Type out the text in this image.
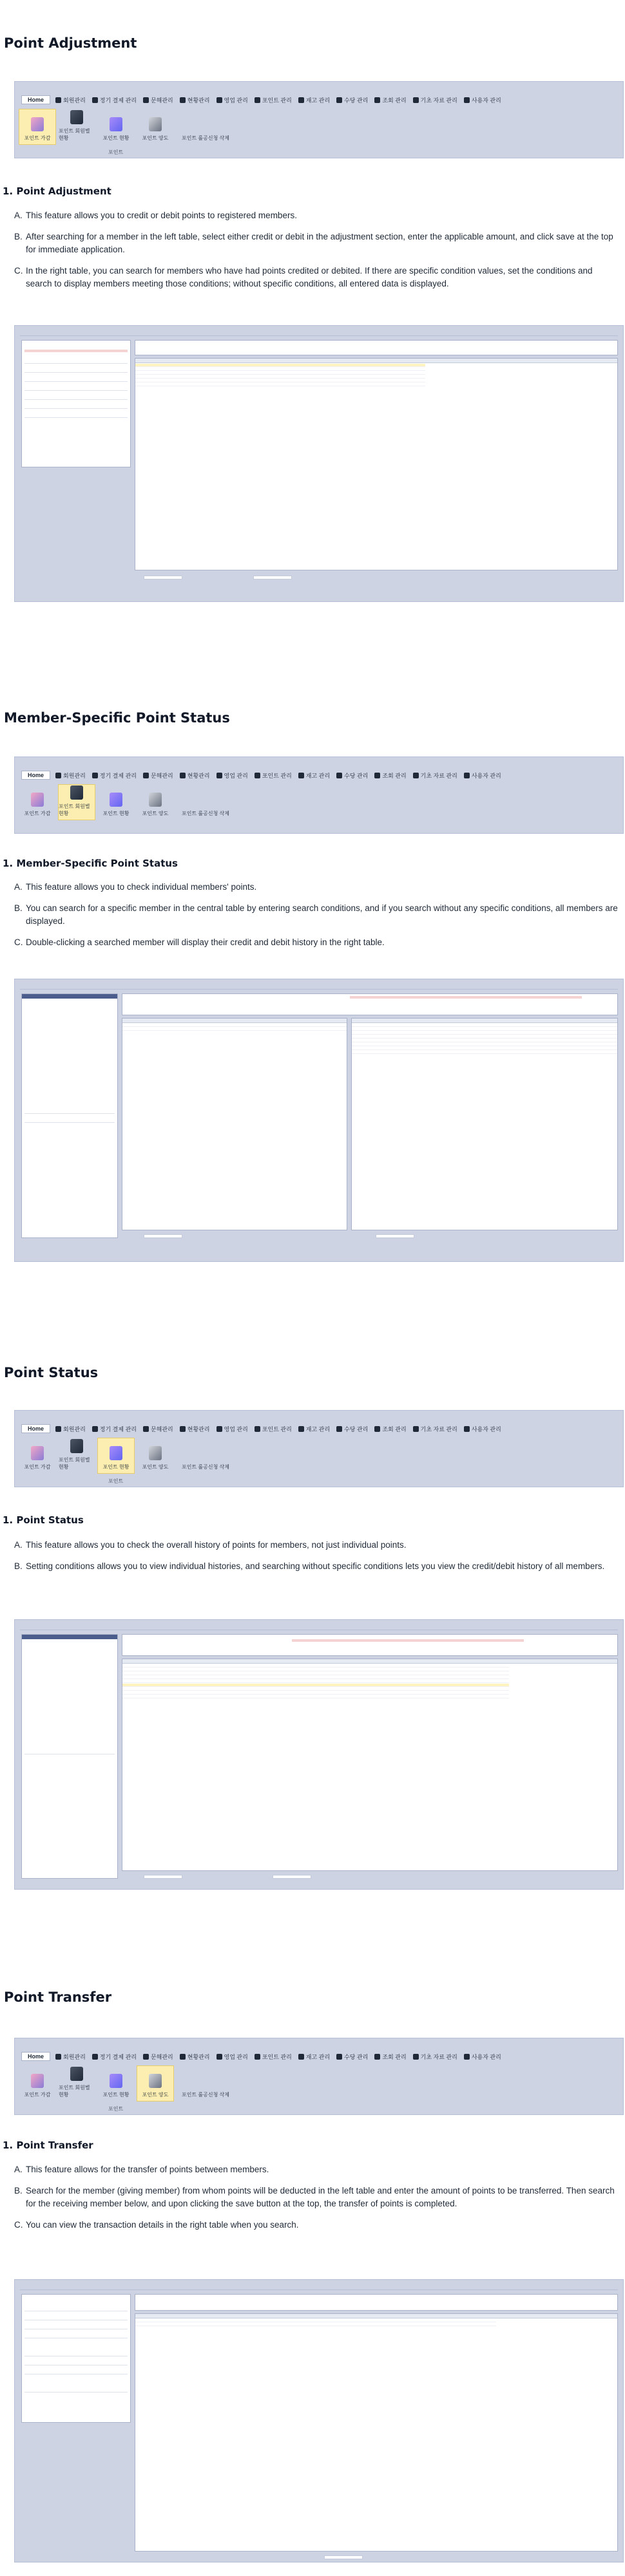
Point Adjustment
Home	회원관리 정기 결제 관리 문해관리 현황관리 영업 관리 포인트 관리 재고 관리 수당 관리 조회 관리 기초 자료 관리 사용자 관리
포인트 가감
포인트 회원별 현황	포인트 현황	포인트 양도	포인트 롤공신청 삭제
포인트
1. Point Adjustment
A. This feature allows you to credit or debit points to registered members.
B. After searching for a member in the left table, select either credit or debit in the adjustment section, enter the applicable amount, and click save at the top for immediate application.
C. In the right table, you can search for members who have had points credited or debited. If there are specific condition values, set the conditions and search to display members meeting those conditions; without specific conditions, all entered data is displayed.
Member-Specific Point Status
Home	회원관리 정기 결제 관리 문해관리 현황관리 영업 관리 포인트 관리 재고 관리 수당 관리 조회 관리 기초 자료 관리 사용자 관리
포인트 가감
포인트 회원별 현황	포인트 현황	포인트 양도	포인트 롤공신청 삭제
1. Member-Specific Point Status
A. This feature allows you to check individual members' points.
B. You can search for a specific member in the central table by entering search conditions, and if you search without any specific conditions, all members are displayed.
C. Double-clicking a searched member will display their credit and debit history in the right table.
Point Status
Home	회원관리 정기 결제 관리 문해관리 현황관리 영업 관리 포인트 관리 재고 관리 수당 관리 조회 관리 기초 자료 관리 사용자 관리
포인트 가감
포인트 회원별 현황	포인트 현황	포인트 양도	포인트 롤공신청 삭제
포인트
1. Point Status
A. This feature allows you to check the overall history of points for members, not just individual points.
B. Setting conditions allows you to view individual histories, and searching without specific conditions lets you view the credit/debit history of all members.
Point Transfer
Home	회원관리 정기 결제 관리 문해관리 현황관리 영업 관리 포인트 관리 재고 관리 수당 관리 조회 관리 기초 자료 관리 사용자 관리
포인트 가감
포인트 회원별 현황	포인트 현황	포인트 양도	포인트 롤공신청 삭제
포인트
1. Point Transfer
A. This feature allows for the transfer of points between members.
B. Search for the member (giving member) from whom points will be deducted in the left table and enter the amount of points to be transferred. Then search for the receiving member below, and upon clicking the save button at the top, the transfer of points is completed.
C. You can view the transaction details in the right table when you search.
